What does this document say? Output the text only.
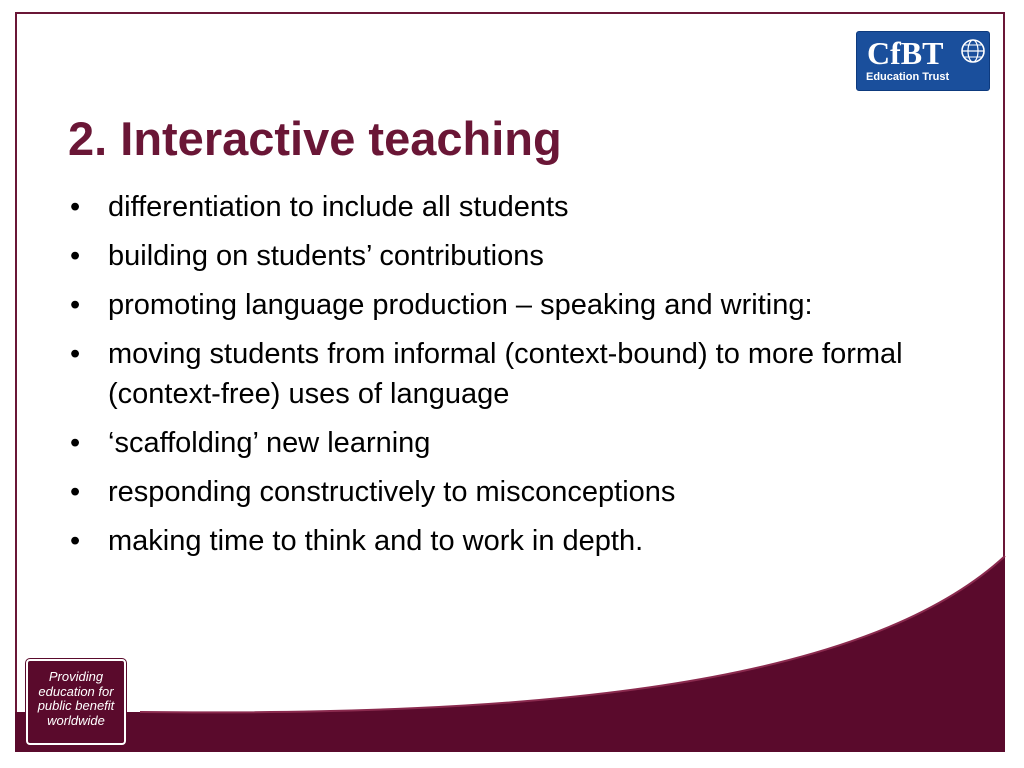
CfBT
Education Trust
2. Interactive teaching
• differentiation to include all students
• building on students’ contributions
• promoting language production – speaking and writing:
• moving students from informal (context-bound) to more formal (context-free) uses of language
• ‘scaffolding’ new learning
• responding constructively to misconceptions
• making time to think and to work in depth.
Providing
education for
public benefit
worldwide
